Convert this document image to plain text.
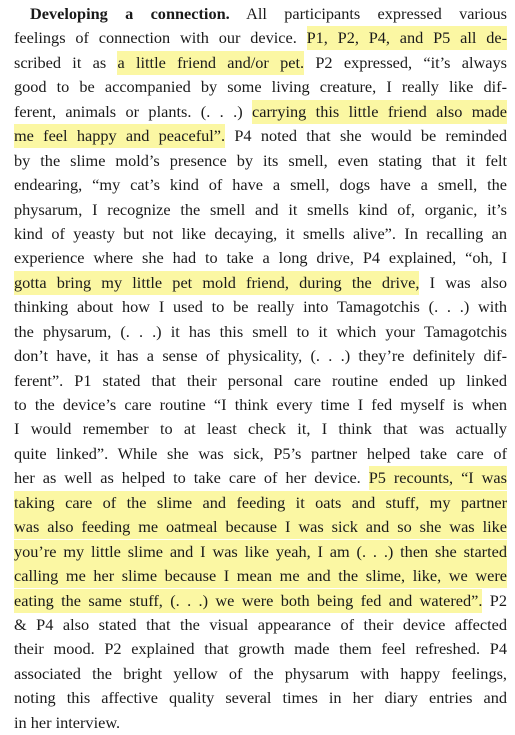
Developing a connection. All participants expressed various
feelings of connection with our device. P1, P2, P4, and P5 all de-
scribed it as a little friend and/or pet. P2 expressed, “it’s always
good to be accompanied by some living creature, I really like dif-
ferent, animals or plants. (. . .) carrying this little friend also made
me feel happy and peaceful”. P4 noted that she would be reminded
by the slime mold’s presence by its smell, even stating that it felt
endearing, “my cat’s kind of have a smell, dogs have a smell, the
physarum, I recognize the smell and it smells kind of, organic, it’s
kind of yeasty but not like decaying, it smells alive”. In recalling an
experience where she had to take a long drive, P4 explained, “oh, I
gotta bring my little pet mold friend, during the drive, I was also
thinking about how I used to be really into Tamagotchis (. . .) with
the physarum, (. . .) it has this smell to it which your Tamagotchis
don’t have, it has a sense of physicality, (. . .) they’re definitely dif-
ferent”. P1 stated that their personal care routine ended up linked
to the device’s care routine “I think every time I fed myself is when
I would remember to at least check it, I think that was actually
quite linked”. While she was sick, P5’s partner helped take care of
her as well as helped to take care of her device. P5 recounts, “I was
taking care of the slime and feeding it oats and stuff, my partner
was also feeding me oatmeal because I was sick and so she was like
you’re my little slime and I was like yeah, I am (. . .) then she started
calling me her slime because I mean me and the slime, like, we were
eating the same stuff, (. . .) we were both being fed and watered”. P2
& P4 also stated that the visual appearance of their device affected
their mood. P2 explained that growth made them feel refreshed. P4
associated the bright yellow of the physarum with happy feelings,
noting this affective quality several times in her diary entries and
in her interview.
